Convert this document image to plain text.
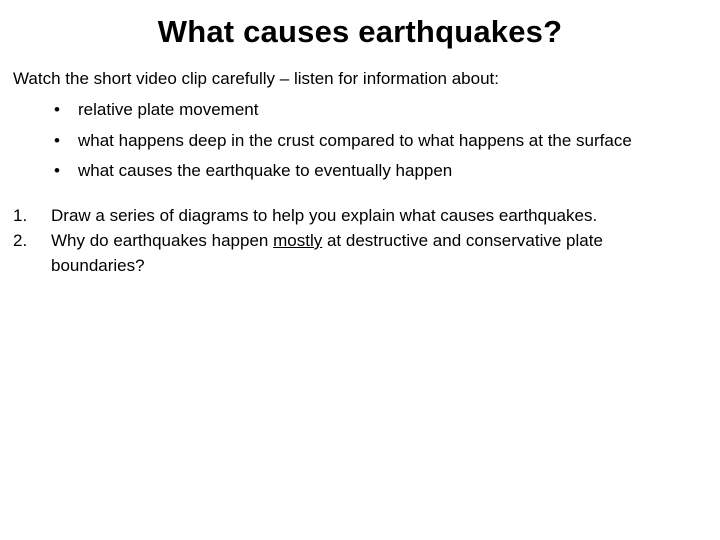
What causes earthquakes?
Watch the short video clip carefully – listen for information about:
• relative plate movement
• what happens deep in the crust compared to what happens at the surface
• what causes the earthquake to eventually happen
1. Draw a series of diagrams to help you explain what causes earthquakes.
2. Why do earthquakes happen mostly at destructive and conservative plate boundaries?
